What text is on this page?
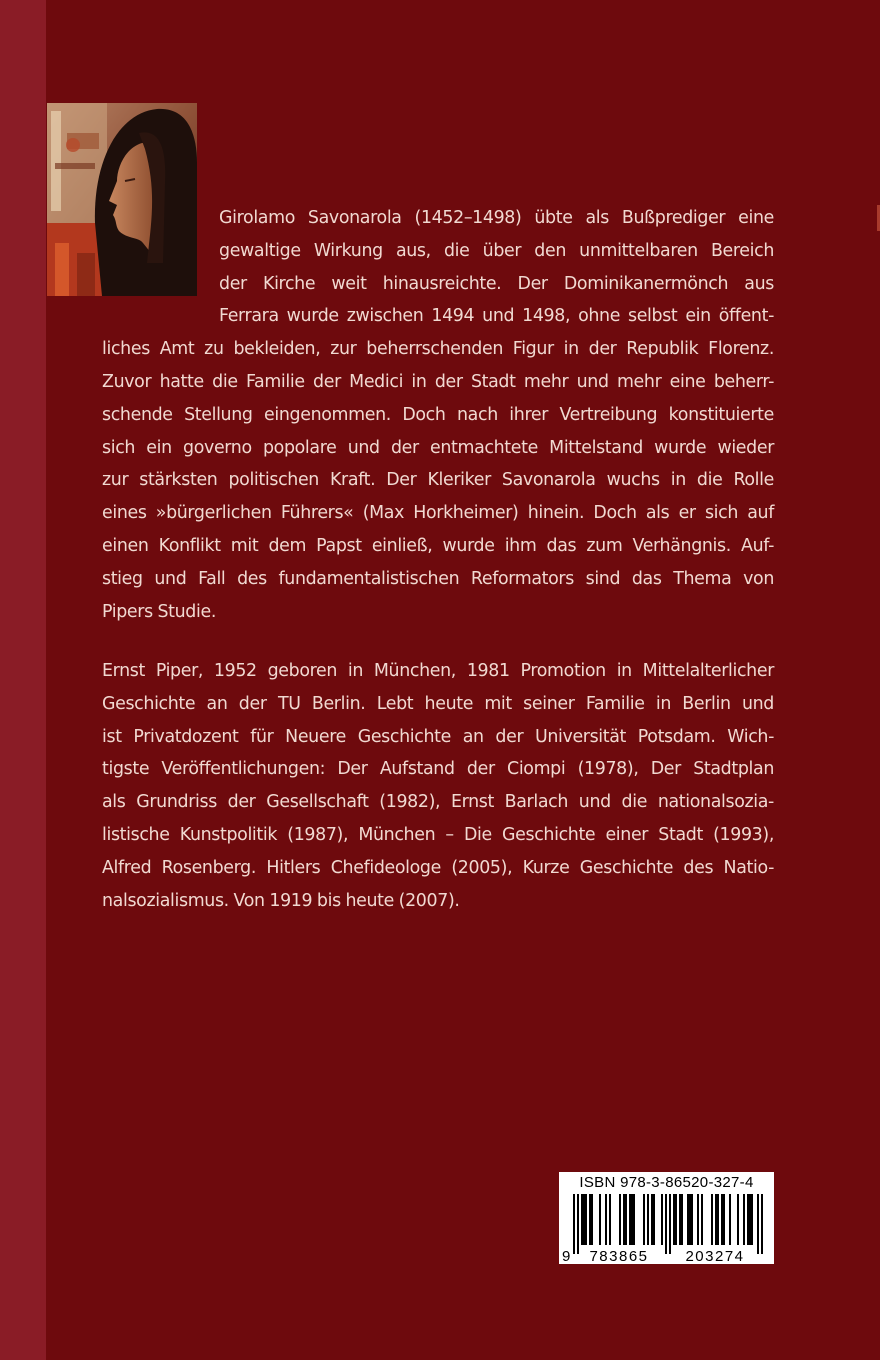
Girolamo Savonarola (1452–1498) übte als Bußprediger eine
gewaltige Wirkung aus, die über den unmittelbaren Bereich
der Kirche weit hinausreichte. Der Dominikanermönch aus
Ferrara wurde zwischen 1494 und 1498, ohne selbst ein öffent-
liches Amt zu bekleiden, zur beherrschenden Figur in der Republik Florenz.
Zuvor hatte die Familie der Medici in der Stadt mehr und mehr eine beherr-
schende Stellung eingenommen. Doch nach ihrer Vertreibung konstituierte
sich ein governo popolare und der entmachtete Mittelstand wurde wieder
zur stärksten politischen Kraft. Der Kleriker Savonarola wuchs in die Rolle
eines »bürgerlichen Führers« (Max Horkheimer) hinein. Doch als er sich auf
einen Konflikt mit dem Papst einließ, wurde ihm das zum Verhängnis. Auf-
stieg und Fall des fundamentalistischen Reformators sind das Thema von
Pipers Studie.
Ernst Piper, 1952 geboren in München, 1981 Promotion in Mittelalterlicher
Geschichte an der TU Berlin. Lebt heute mit seiner Familie in Berlin und
ist Privatdozent für Neuere Geschichte an der Universität Potsdam. Wich-
tigste Veröffentlichungen: Der Aufstand der Ciompi (1978), Der Stadtplan
als Grundriss der Gesellschaft (1982), Ernst Barlach und die nationalsozia-
listische Kunstpolitik (1987), München – Die Geschichte einer Stadt (1993),
Alfred Rosenberg. Hitlers Chefideologe (2005), Kurze Geschichte des Natio-
nalsozialismus. Von 1919 bis heute (2007).
ISBN 978-3-86520-327-4
9 783865 203274
